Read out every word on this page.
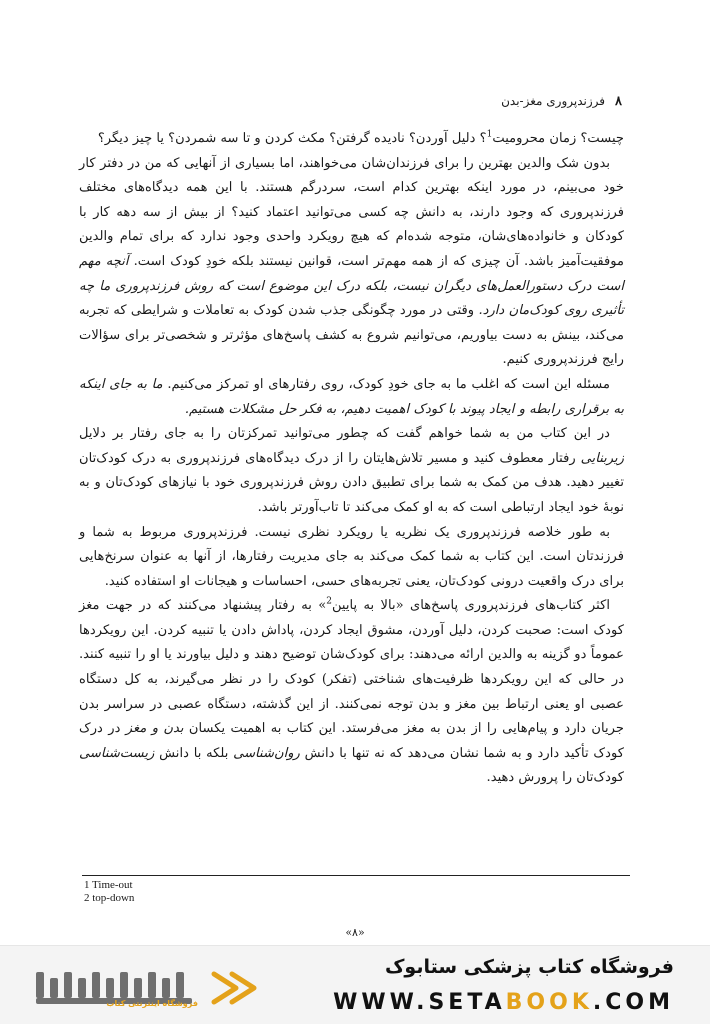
۸
فرزندپروری مغز-بدن

چیست؟ زمان محرومیت$^1$؟ دلیل آوردن؟ نادیده گرفتن؟ مکث کردن و تا سه شمردن؟ یا چیز دیگر؟

بدون شک والدین بهترین را برای فرزندان‌شان می‌خواهند، اما بسیاری از آنهایی که من در دفتر کار خود می‌بینم، در مورد اینکه بهترین کدام است، سردرگم هستند. با این همه دیدگاه‌های مختلف فرزندپروری که وجود دارند، به دانش چه کسی می‌توانید اعتماد کنید؟ از بیش از سه دهه کار با کودکان و خانواده‌های‌شان، متوجه شده‌ام که هیچ رویکرد واحدی وجود ندارد که برای تمام والدین موفقیت‌آمیز باشد. آن چیزی که از همه مهم‌تر است، قوانین نیستند بلکه خودِ کودک است. آنچه مهم است درک دستورالعمل‌های دیگران نیست، بلکه درک این موضوع است که روش فرزندپروری ما چه تأثیری روی کودک‌مان دارد. وقتی در مورد چگونگی جذب شدن کودک به تعاملات و شرایطی که تجربه می‌کند، بینش به دست بیاوریم، می‌توانیم شروع به کشف پاسخ‌های مؤثرتر و شخصی‌تر برای سؤالات رایج فرزندپروری کنیم.

مسئله این است که اغلب ما به جای خودِ کودک، روی رفتارهای او تمرکز می‌کنیم. ما به جای اینکه به برقراری رابطه و ایجاد پیوند با کودک اهمیت دهیم، به فکر حل مشکلات هستیم.

در این کتاب من به شما خواهم گفت که چطور می‌توانید تمرکزتان را به جای رفتار بر دلایل زیربنایی رفتار معطوف کنید و مسیر تلاش‌هایتان را از درک دیدگاه‌های فرزندپروری به درک کودک‌تان تغییر دهید. هدف من کمک به شما برای تطبیق دادن روش فرزندپروری خود با نیازهای کودک‌تان و به نوبهٔ خود ایجاد ارتباطی است که به او کمک می‌کند تا تاب‌آورتر باشد.

به طور خلاصه فرزندپروری یک نظریه یا رویکرد نظری نیست. فرزندپروری مربوط به شما و فرزندتان است. این کتاب به شما کمک می‌کند به جای مدیریت رفتارها، از آنها به عنوان سرنخ‌هایی برای درک واقعیت درونی کودک‌تان، یعنی تجربه‌های حسی، احساسات و هیجانات او استفاده کنید.

اکثر کتاب‌های فرزندپروری پاسخ‌های «بالا به پایین$^2$» به رفتار پیشنهاد می‌کنند که در جهت مغز کودک است: صحبت کردن، دلیل آوردن، مشوق ایجاد کردن، پاداش دادن یا تنبیه کردن. این رویکردها عموماً دو گزینه به والدین ارائه می‌دهند: برای کودک‌شان توضیح دهند و دلیل بیاورند یا او را تنبیه کنند. در حالی که این رویکردها ظرفیت‌های شناختی (تفکر) کودک را در نظر می‌گیرند، به کل دستگاه عصبی او یعنی ارتباط بین مغز و بدن توجه نمی‌کنند. از این گذشته، دستگاه عصبی در سراسر بدن جریان دارد و پیام‌هایی را از بدن به مغز می‌فرستد. این کتاب به اهمیت یکسان بدن و مغز در درک کودک تأکید دارد و به شما نشان می‌دهد که نه تنها با دانش روان‌شناسی بلکه با دانش زیست‌شناسی کودک‌تان را پرورش دهید.

1 Time-out
2 top-down
«۸»
فروشگاه اینترنتی کتاب
فروشگاه کتاب پزشکی ستابوک
WWW.SETABOOK.COM
